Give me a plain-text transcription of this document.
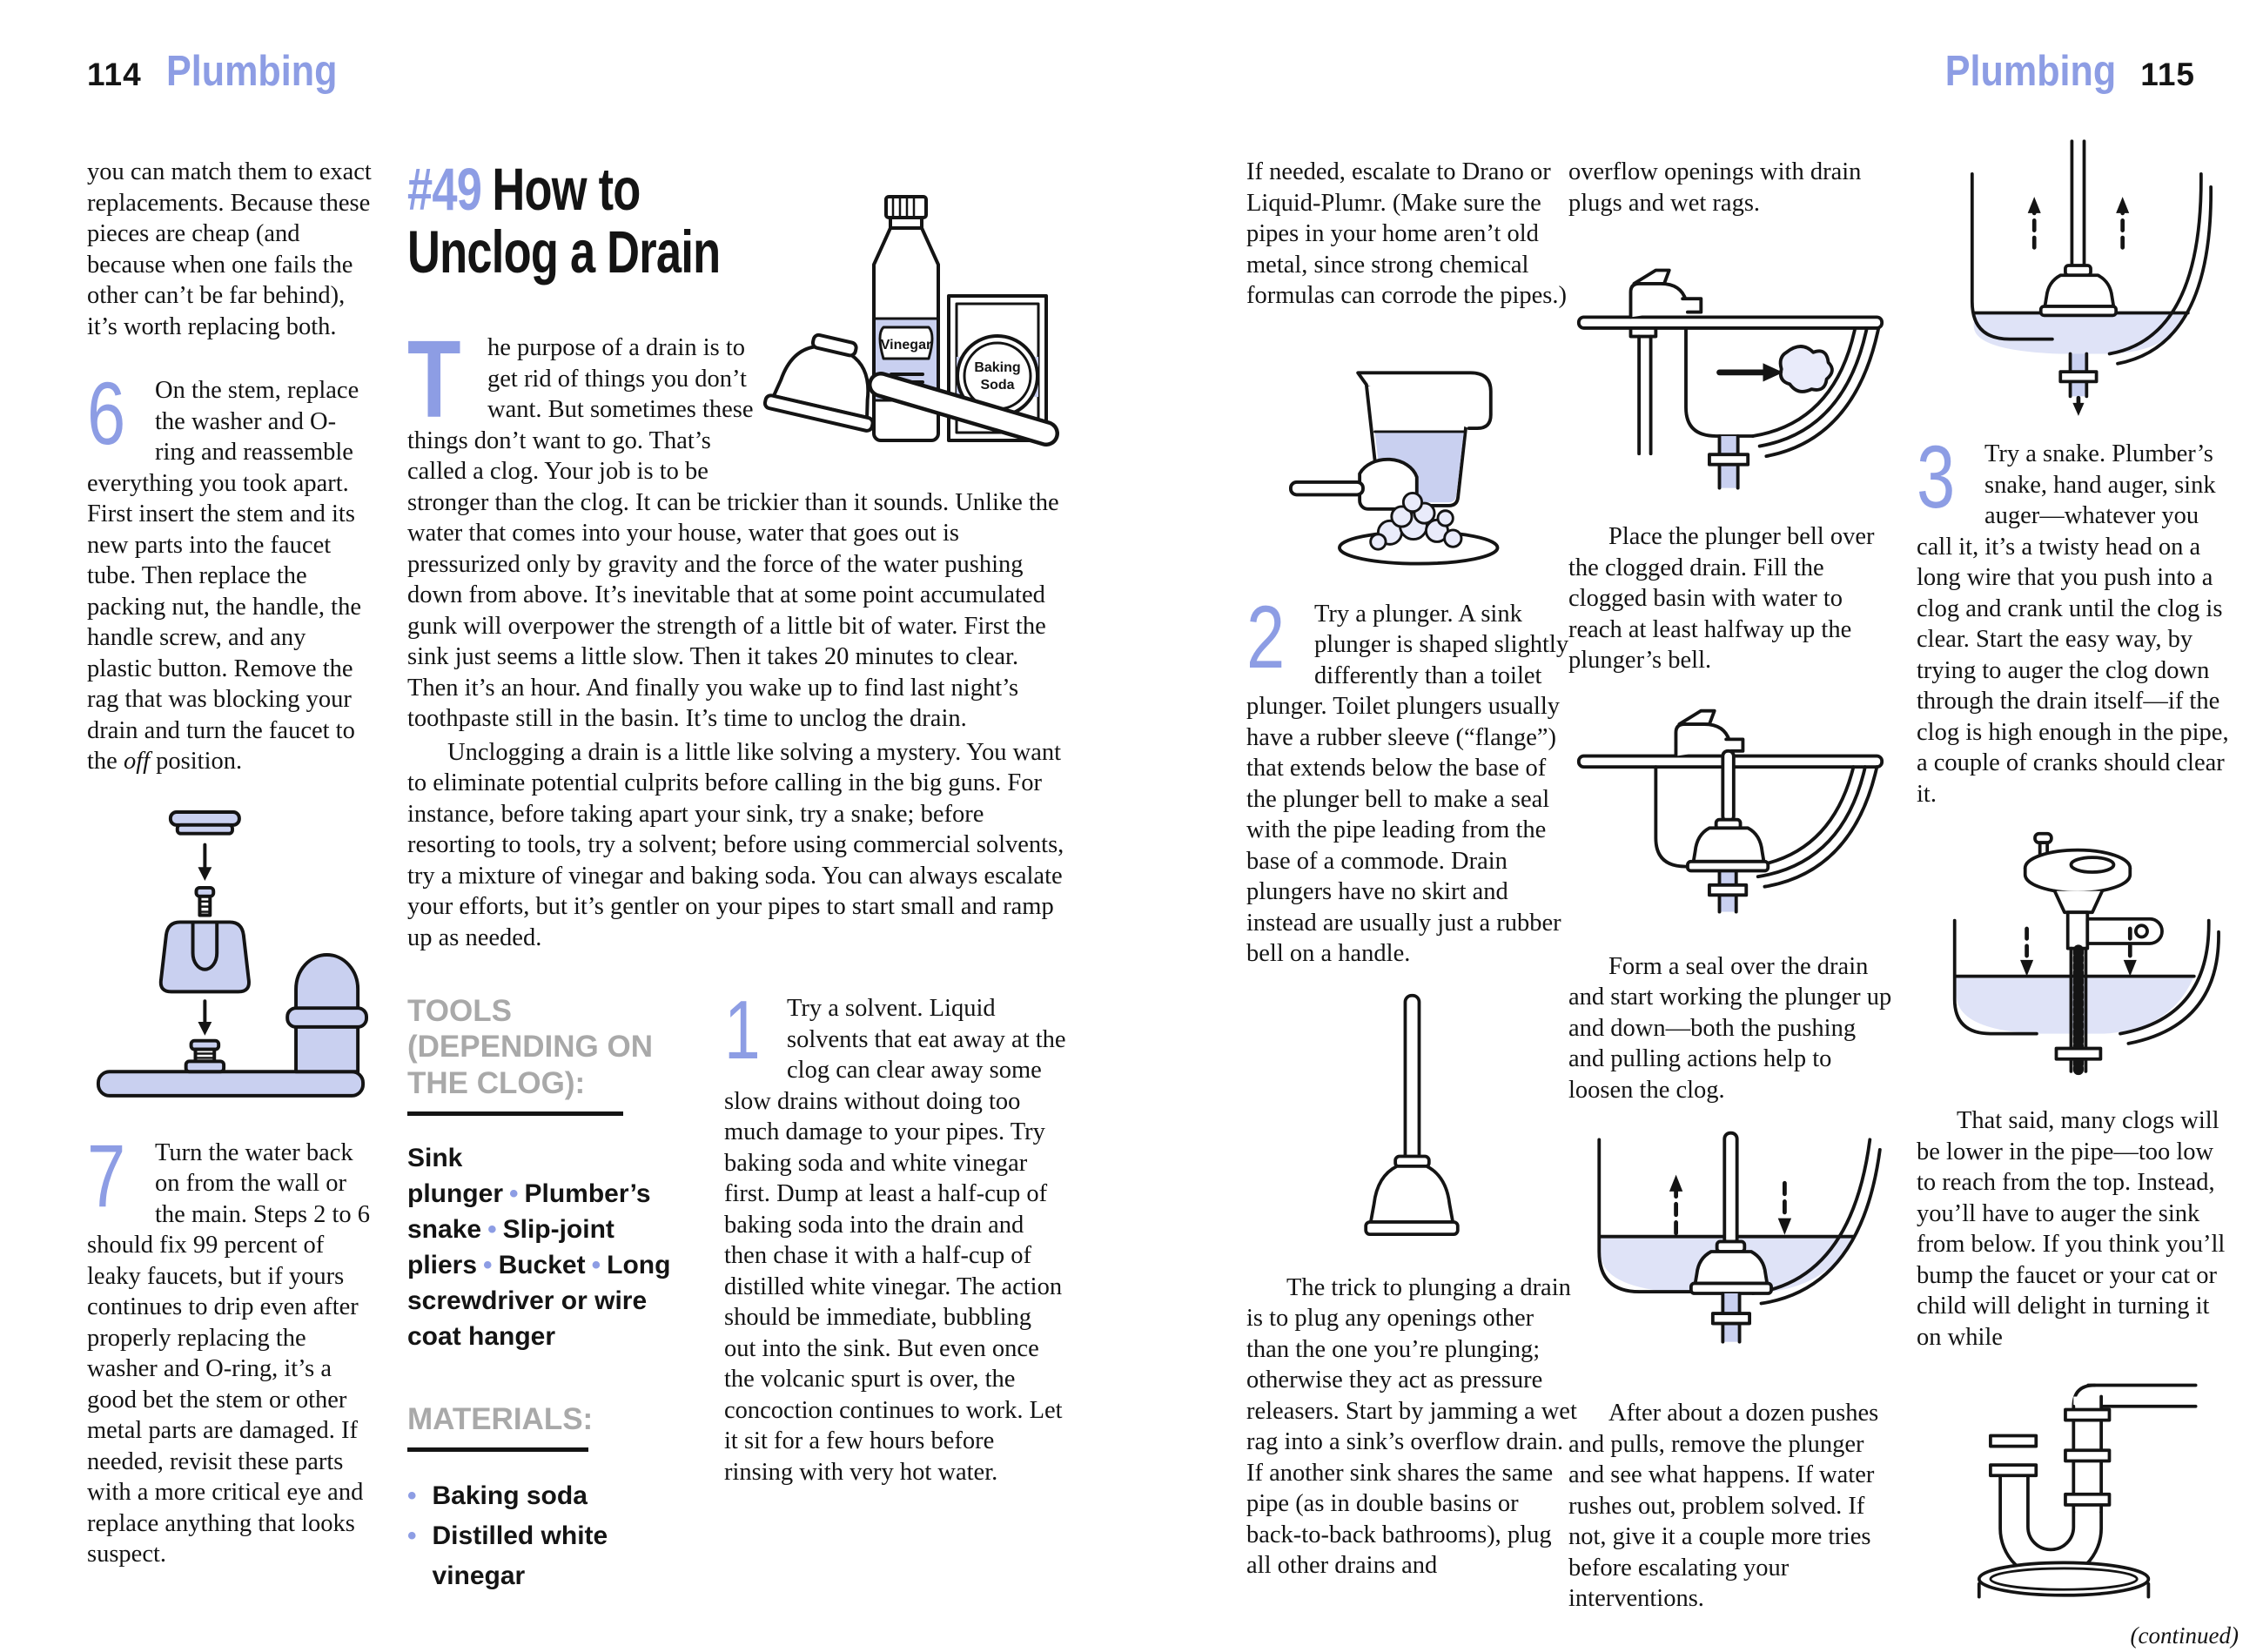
114 Plumbing	Plumbing 115

you can match them to exact replacements. Because these pieces are cheap (and because when one fails the other can’t be far behind), it’s worth replacing both.

6	On the stem, replace the washer and O-ring and reassemble everything you took apart. First insert the stem and its new parts into the faucet tube. Then replace the packing nut, the handle, the handle screw, and any plastic button. Remove the rag that was blocking your drain and turn the faucet to the off position.

7	Turn the water back on from the wall or the main. Steps 2 to 6 should fix 99 percent of leaky faucets, but if yours continues to drip even after properly replacing the washer and O-ring, it’s a good bet the stem or other metal parts are damaged. If needed, revisit these parts with a more critical eye and replace anything that looks suspect.

#49 How to
Unclog a Drain
Baking
Soda
Vinegar

T he purpose of a drain is to get rid of things you don’t want. But sometimes these things don’t want to go. That’s called a clog. Your job is to be stronger than the clog. It can be trickier than it sounds. Unlike the water that comes into your house, water that goes out is pressurized only by gravity and the force of the water pushing down from above. It’s inevitable that at some point accumulated gunk will overpower the strength of a little bit of water. First the sink just seems a little slow. Then it takes 20 minutes to clear. Then it’s an hour. And finally you wake up to find last night’s toothpaste still in the basin. It’s time to unclog the drain.

Unclogging a drain is a little like solving a mystery. You want to eliminate potential culprits before calling in the big guns. For instance, before taking apart your sink, try a snake; before resorting to tools, try a solvent; before using commercial solvents, try a mixture of vinegar and baking soda. You can always escalate your efforts, but it’s gentler on your pipes to start small and ramp up as needed.

TOOLS (DEPENDING ON THE CLOG):

Sink plunger • Plumber’s snake • Slip-joint pliers • Bucket • Long screwdriver or wire coat hanger

MATERIALS:
• Baking soda
• Distilled white vinegar
1	Try a solvent. Liquid solvents that eat away at the clog can clear away some slow drains without doing too much damage to your pipes. Try baking soda and white vinegar first. Dump at least a half-cup of baking soda into the drain and then chase it with a half-cup of distilled white vinegar. The action should be immediate, bubbling out into the sink. But even once the volcanic spurt is over, the concoction continues to work. Let it sit for a few hours before rinsing with very hot water.

If needed, escalate to Drano or Liquid-Plumr. (Make sure the pipes in your home aren’t old metal, since strong chemical formulas can corrode the pipes.)

2	Try a plunger. A sink plunger is shaped slightly differently than a toilet plunger. Toilet plungers usually have a rubber sleeve (“flange”) that extends below the base of the plunger bell to make a seal with the pipe leading from the base of a commode. Drain plungers have no skirt and instead are usually just a rubber bell on a handle.

The trick to plunging a drain is to plug any openings other than the one you’re plunging; otherwise they act as pressure releasers. Start by jamming a wet rag into a sink’s overflow drain. If another sink shares the same pipe (as in double basins or back-to-back bathrooms), plug all other drains and

overflow openings with drain plugs and wet rags.

Place the plunger bell over the clogged drain. Fill the clogged basin with water to reach at least halfway up the plunger’s bell.

Form a seal over the drain and start working the plunger up and down—both the pushing and pulling actions help to loosen the clog.

After about a dozen pushes and pulls, remove the plunger and see what happens. If water rushes out, problem solved. If not, give it a couple more tries before escalating your interventions.

3	Try a snake. Plumber’s snake, hand auger, sink auger—whatever you call it, it’s a twisty head on a long wire that you push into a clog and crank until the clog is clear. Start the easy way, by trying to auger the clog down through the drain itself—if the clog is high enough in the pipe, a couple of cranks should clear it.

That said, many clogs will be lower in the pipe—too low to reach from the top. Instead, you’ll have to auger the sink from below. If you think you’ll bump the faucet or your cat or child will delight in turning it on while

(continued)
